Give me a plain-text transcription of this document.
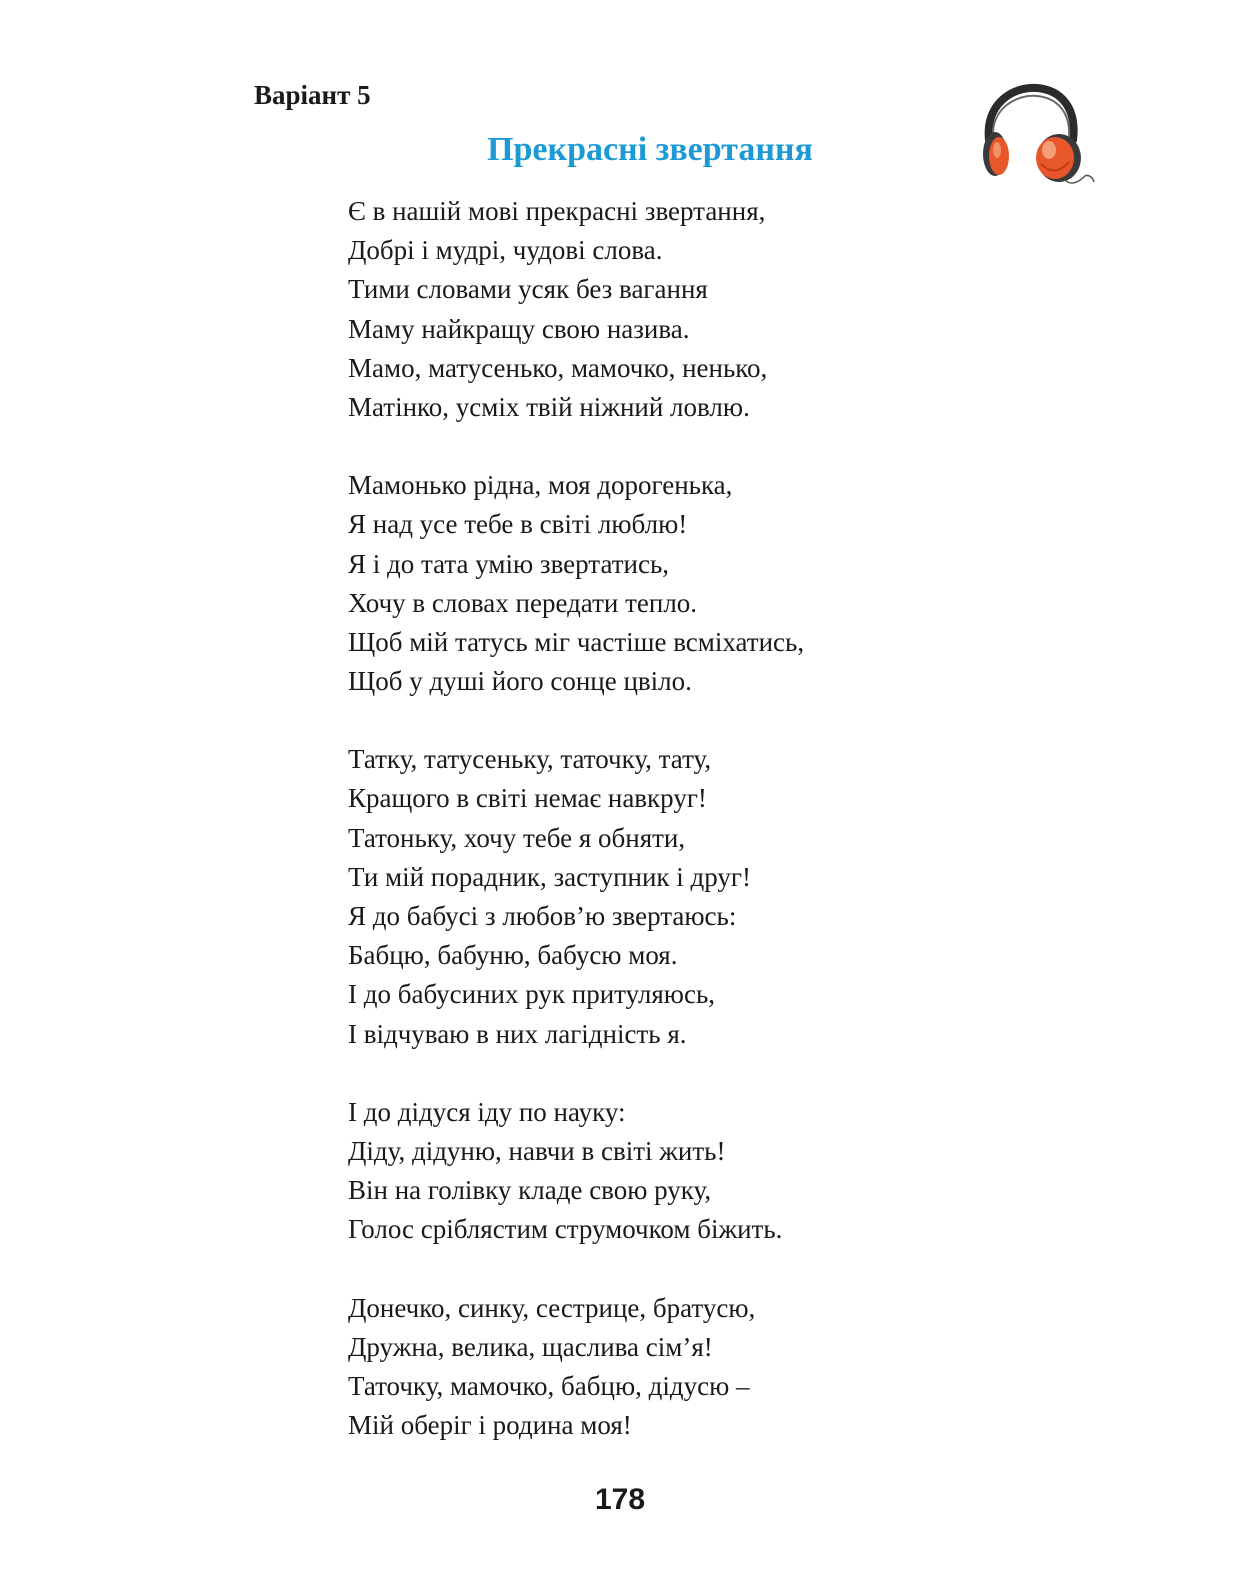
Варіант 5
Прекрасні звертання
Є в нашій мові прекрасні звертання,
Добрі і мудрі, чудові слова.
Тими словами усяк без вагання
Маму найкращу свою назива.
Мамо, матусенько, мамочко, ненько,
Матінко, усміх твій ніжний ловлю.
Мамонько рідна, моя дорогенька,
Я над усе тебе в світі люблю!
Я і до тата умію звертатись,
Хочу в словах передати тепло.
Щоб мій татусь міг частіше всміхатись,
Щоб у душі його сонце цвіло.
Татку, татусеньку, таточку, тату,
Кращого в світі немає навкруг!
Татоньку, хочу тебе я обняти,
Ти мій порадник, заступник і друг!
Я до бабусі з любов’ю звертаюсь:
Бабцю, бабуню, бабусю моя.
І до бабусиних рук притуляюсь,
І відчуваю в них лагідність я.
І до дідуся іду по науку:
Діду, дідуню, навчи в світі жить!
Він на голівку кладе свою руку,
Голос сріблястим струмочком біжить.
Донечко, синку, сестрице, братусю,
Дружна, велика, щаслива сім’я!
Таточку, мамочко, бабцю, дідусю –
Мій оберіг і родина моя!
178
